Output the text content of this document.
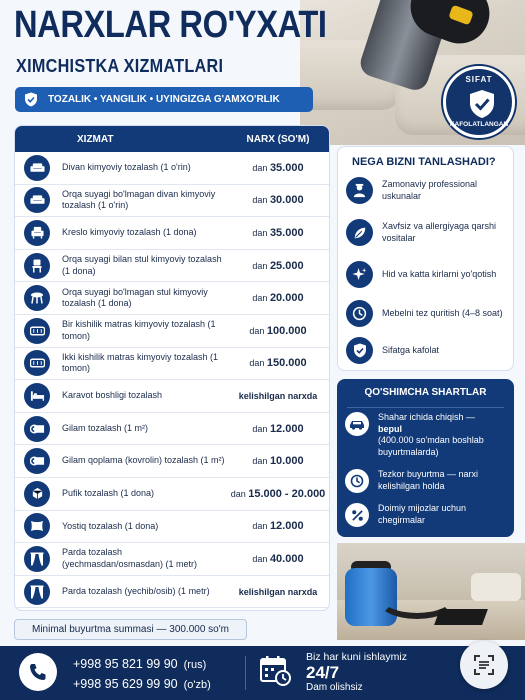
SIFAT
KAFOLATLANGAN
NARXLAR RO'YXATI
XIMCHISTKA XIZMATLARI
TOZALIK • YANGILIK • UYINGIZGA G'AMXO'RLIK
XIZMAT	NARX (SO'M)
Divan kimyoviy tozalash (1 o'rin)	dan 35.000
Orqa suyagi bo'lmagan divan kimyoviy tozalash (1 o'rin)	dan 30.000
Kreslo kimyoviy tozalash (1 dona)	dan 35.000
Orqa suyagi bilan stul kimyoviy tozalash (1 dona)	dan 25.000
Orqa suyagi bo'lmagan stul kimyoviy tozalash (1 dona)	dan 20.000
Bir kishilik matras kimyoviy tozalash (1 tomon)	dan 100.000
Ikki kishilik matras kimyoviy tozalash (1 tomon)	dan 150.000
Karavot boshligi tozalash	kelishilgan narxda
Gilam tozalash (1 m²)	dan 12.000
Gilam qoplama (kovrolin) tozalash (1 m²)	dan 10.000
Pufik tozalash (1 dona)	dan 15.000 - 20.000
Yostiq tozalash (1 dona)	dan 12.000
Parda tozalash (yechmasdan/osmasdan) (1 metr)	dan 40.000
Parda tozalash (yechib/osib) (1 metr)	kelishilgan narxda
Minimal buyurtma summasi — 300.000 so'm
NEGA BIZNI TANLASHADI?
Zamonaviy professional uskunalar
Xavfsiz va allergiyaga qarshi vositalar
Hid va katta kirlarni yo'qotish
Mebelni tez quritish (4–8 soat)
Sifatga kafolat
QO'SHIMCHA SHARTLAR
Shahar ichida chiqish —
bepul
(400.000 so'mdan boshlab buyurtmalarda)
Tezkor buyurtma — narxi kelishilgan holda
Doimiy mijozlar uchun chegirmalar
+998 95 821 99 90 (rus)
+998 95 629 99 90 (o'zb)
Biz har kuni ishlaymiz
24/7
Dam olishsiz
